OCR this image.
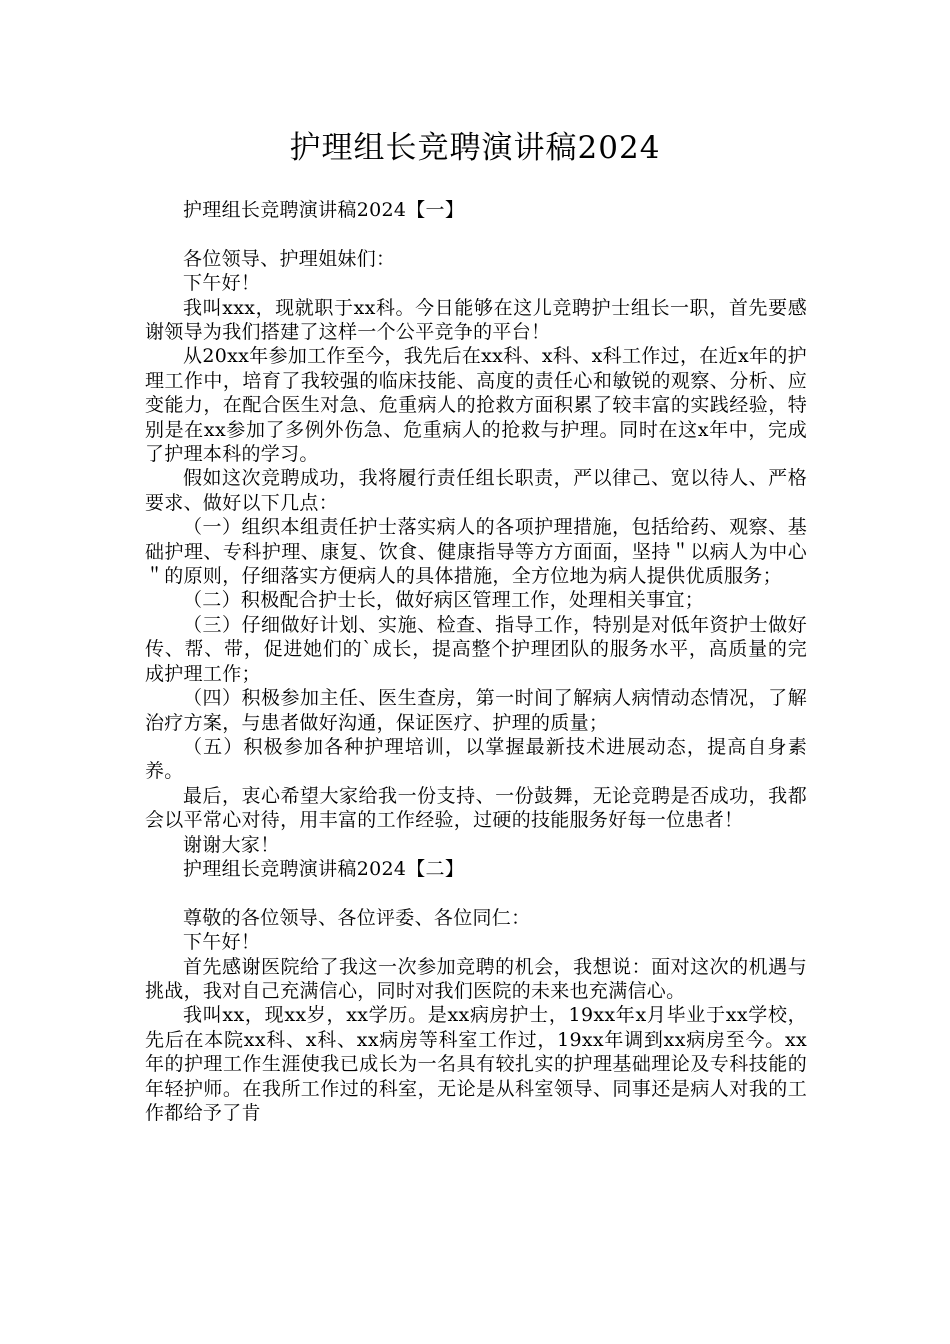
护理组长竞聘演讲稿2024

护理组长竞聘演讲稿2024【一】

各位领导、护理姐妹们：

下午好！

我叫xxx，现就职于xx科。今日能够在这儿竞聘护士组长一职，首先要感谢领导为我们搭建了这样一个公平竞争的平台！

从20xx年参加工作至今，我先后在xx科、x科、x科工作过，在近x年的护理工作中，培育了我较强的临床技能、高度的责任心和敏锐的观察、分析、应变能力，在配合医生对急、危重病人的抢救方面积累了较丰富的实践经验，特别是在xx参加了多例外伤急、危重病人的抢救与护理。同时在这x年中，完成了护理本科的学习。

假如这次竞聘成功，我将履行责任组长职责，严以律己、宽以待人、严格要求、做好以下几点：

（一）组织本组责任护士落实病人的各项护理措施，包括给药、观察、基础护理、专科护理、康复、饮食、健康指导等方方面面，坚持＂以病人为中心＂的原则，仔细落实方便病人的具体措施，全方位地为病人提供优质服务；

（二）积极配合护士长，做好病区管理工作，处理相关事宜；

（三）仔细做好计划、实施、检查、指导工作，特别是对低年资护士做好传、帮、带，促进她们的`成长，提高整个护理团队的服务水平，高质量的完成护理工作；

（四）积极参加主任、医生查房，第一时间了解病人病情动态情况，了解治疗方案，与患者做好沟通，保证医疗、护理的质量；

（五）积极参加各种护理培训，以掌握最新技术进展动态，提高自身素养。

最后，衷心希望大家给我一份支持、一份鼓舞，无论竞聘是否成功，我都会以平常心对待，用丰富的工作经验，过硬的技能服务好每一位患者！

谢谢大家！

护理组长竞聘演讲稿2024【二】

尊敬的各位领导、各位评委、各位同仁：

下午好！

首先感谢医院给了我这一次参加竞聘的机会，我想说：面对这次的机遇与挑战，我对自己充满信心，同时对我们医院的未来也充满信心。

我叫xx，现xx岁，xx学历。是xx病房护士，19xx年x月毕业于xx学校，先后在本院xx科、x科、xx病房等科室工作过，19xx年调到xx病房至今。xx年的护理工作生涯使我已成长为一名具有较扎实的护理基础理论及专科技能的年轻护师。在我所工作过的科室，无论是从科室领导、同事还是病人对我的工作都给予了肯
